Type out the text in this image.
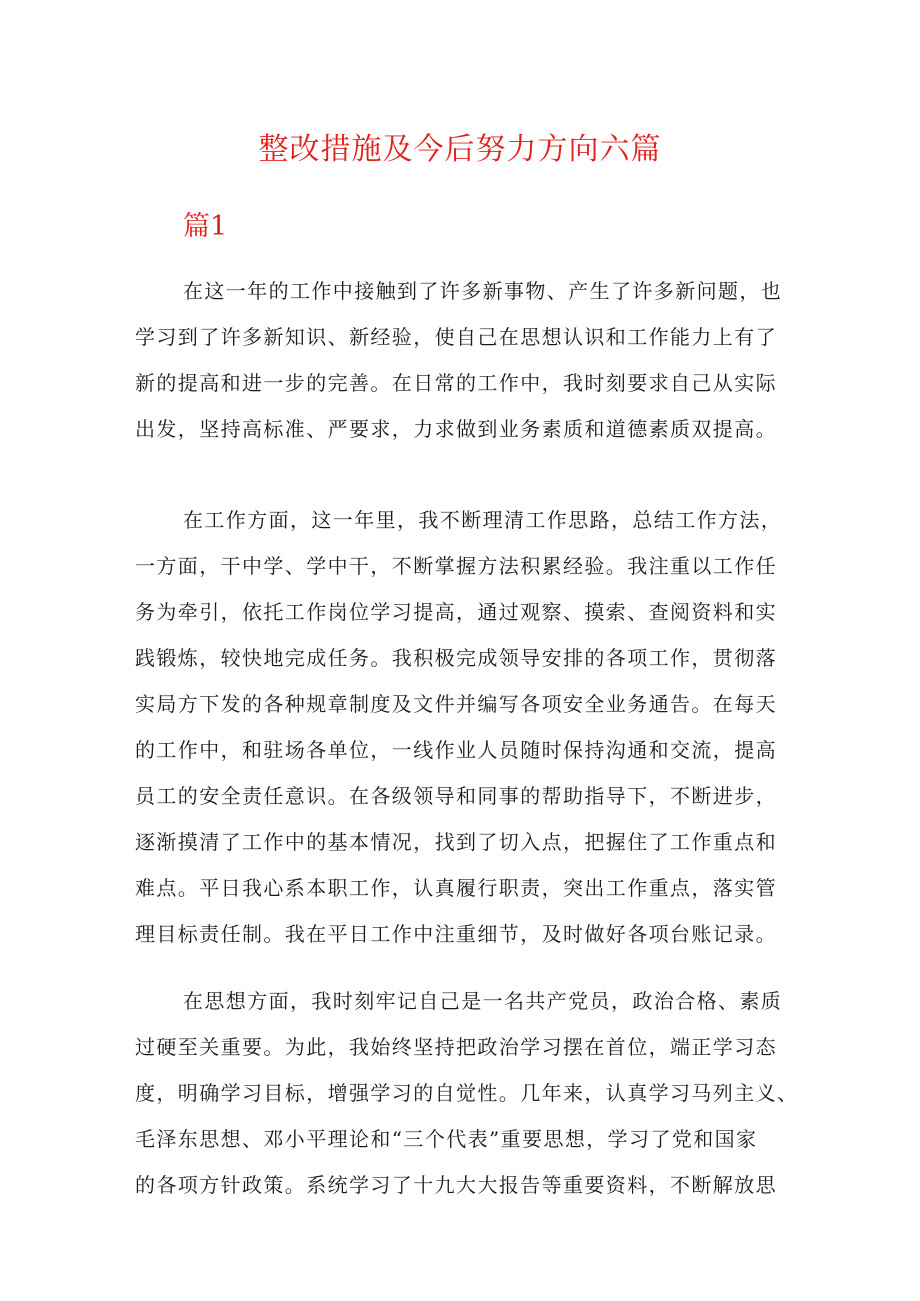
整改措施及今后努力方向六篇
篇1
在这一年的工作中接触到了许多新事物、产生了许多新问题，也
学习到了许多新知识、新经验，使自己在思想认识和工作能力上有了
新的提高和进一步的完善。在日常的工作中，我时刻要求自己从实际
出发，坚持高标准、严要求，力求做到业务素质和道德素质双提高。
在工作方面，这一年里，我不断理清工作思路，总结工作方法，
一方面，干中学、学中干，不断掌握方法积累经验。我注重以工作任
务为牵引，依托工作岗位学习提高，通过观察、摸索、查阅资料和实
践锻炼，较快地完成任务。我积极完成领导安排的各项工作，贯彻落
实局方下发的各种规章制度及文件并编写各项安全业务通告。在每天
的工作中，和驻场各单位，一线作业人员随时保持沟通和交流，提高
员工的安全责任意识。在各级领导和同事的帮助指导下，不断进步，
逐渐摸清了工作中的基本情况，找到了切入点，把握住了工作重点和
难点。平日我心系本职工作，认真履行职责，突出工作重点，落实管
理目标责任制。我在平日工作中注重细节，及时做好各项台账记录。
在思想方面，我时刻牢记自己是一名共产党员，政治合格、素质
过硬至关重要。为此，我始终坚持把政治学习摆在首位，端正学习态
度，明确学习目标，增强学习的自觉性。几年来，认真学习马列主义、
毛泽东思想、邓小平理论和“三个代表”重要思想，学习了党和国家
的各项方针政策。系统学习了十九大大报告等重要资料，不断解放思
